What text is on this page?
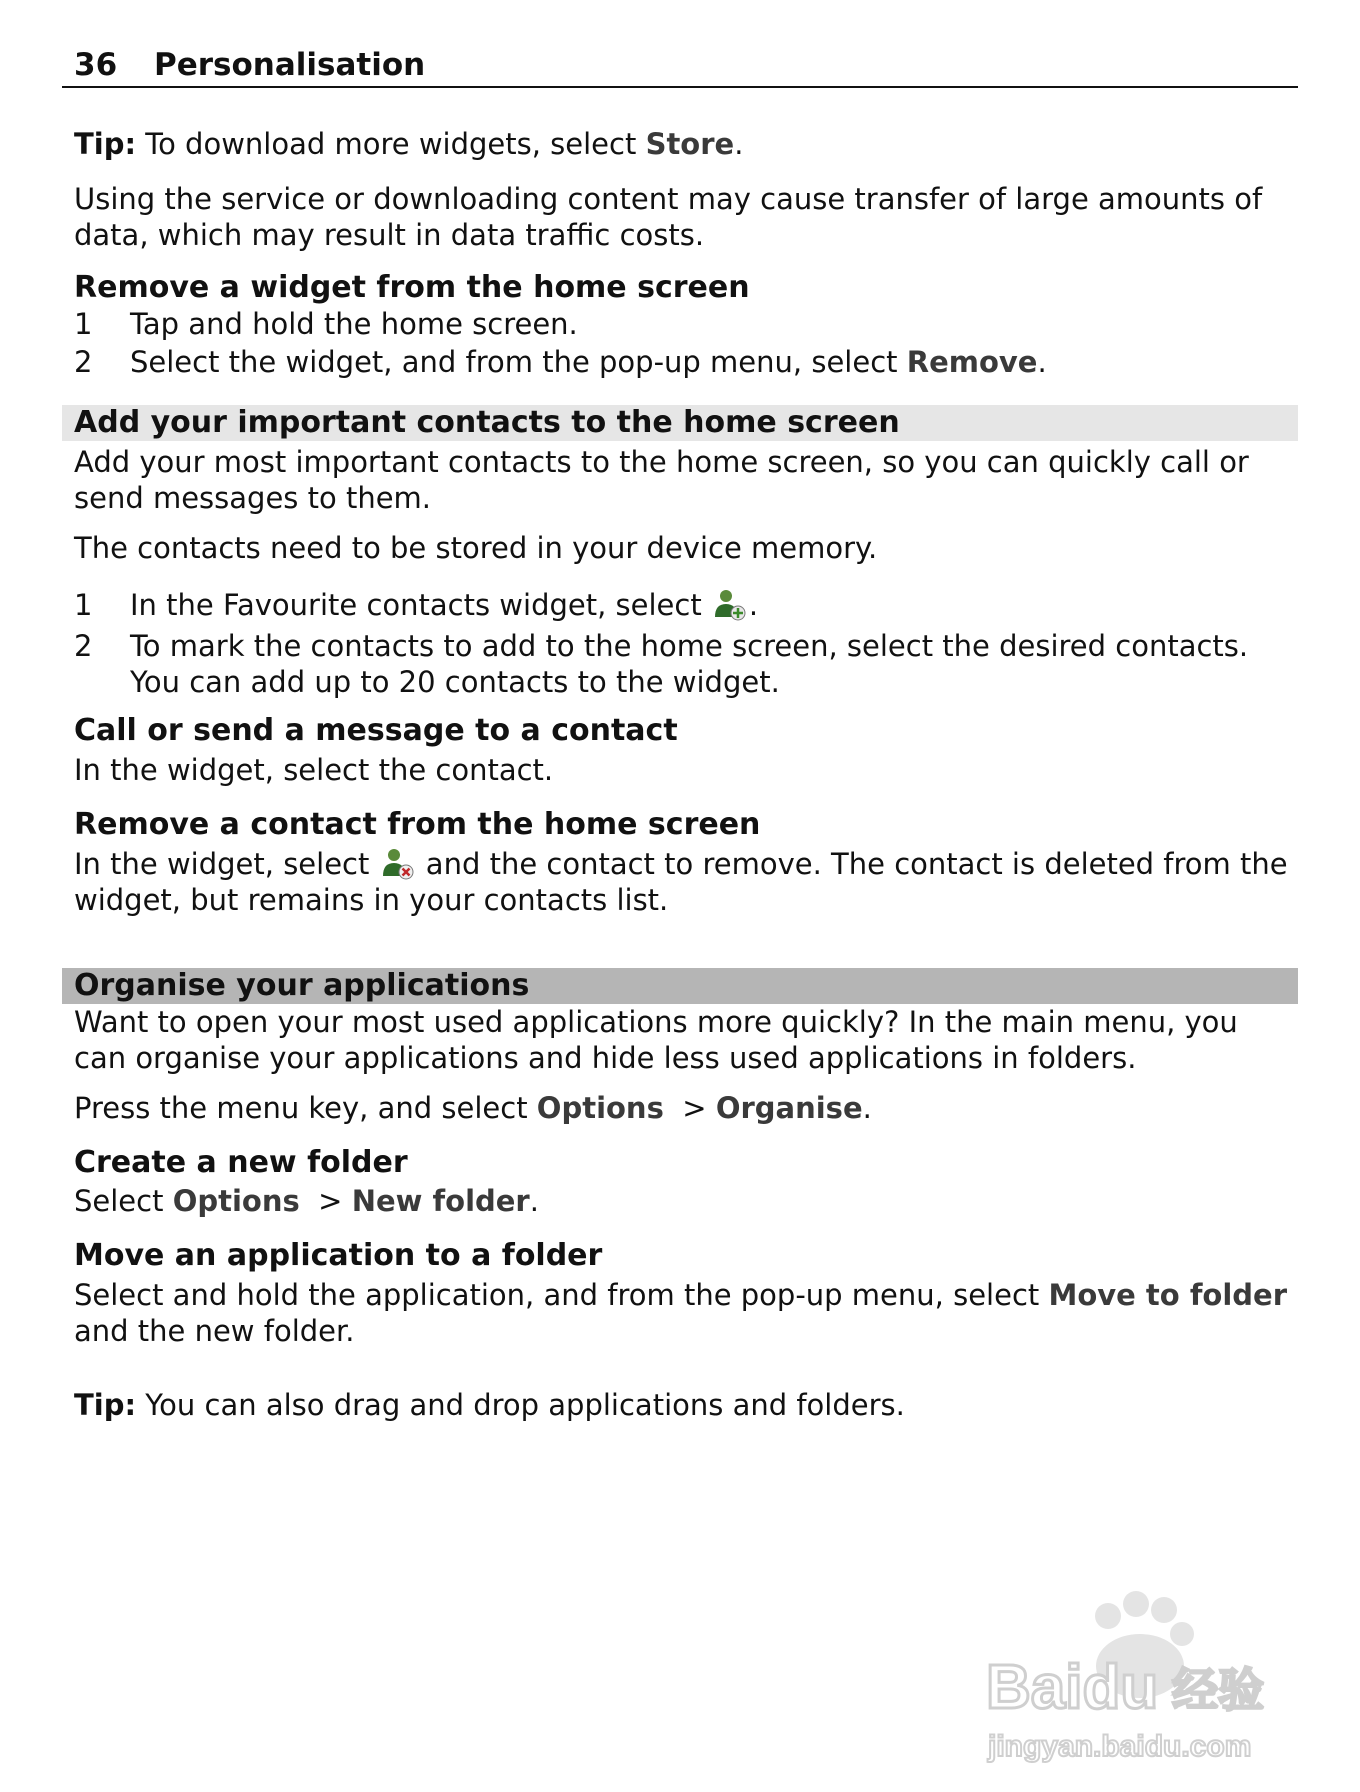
36 Personalisation

Tip: To download more widgets, select Store.

Using the service or downloading content may cause transfer of large amounts of data, which may result in data traffic costs.

Remove a widget from the home screen

1 Tap and hold the home screen.
2 Select the widget, and from the pop-up menu, select Remove.
Add your important contacts to the home screen

Add your most important contacts to the home screen, so you can quickly call or send messages to them.

The contacts need to be stored in your device memory.

1 In the Favourite contacts widget, select .
2 To mark the contacts to add to the home screen, select the desired contacts. You can add up to 20 contacts to the widget.

Call or send a message to a contact

In the widget, select the contact.

Remove a contact from the home screen

In the widget, select  and the contact to remove. The contact is deleted from the widget, but remains in your contacts list.

Organise your applications

Want to open your most used applications more quickly? In the main menu, you can organise your applications and hide less used applications in folders.

Press the menu key, and select Options  > Organise.

Create a new folder

Select Options  > New folder.

Move an application to a folder

Select and hold the application, and from the pop-up menu, select Move to folder and the new folder.

Tip: You can also drag and drop applications and folders.

Baidu 经验
jingyan.baidu.com
